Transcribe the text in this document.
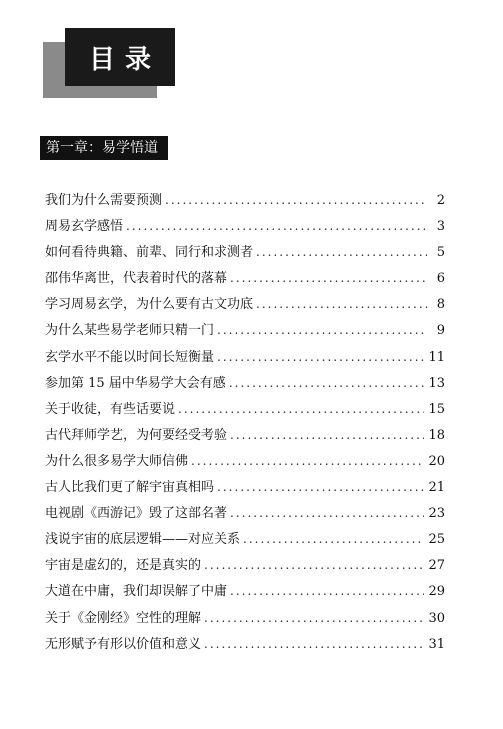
目录
第一章：易学悟道
我们为什么需要预测 .....	2
周易玄学感悟 .....	3
如何看待典籍、前辈、同行和求测者 .....	5
邵伟华离世，代表着时代的落幕 .....	6
学习周易玄学，为什么要有古文功底 .....	8
为什么某些易学老师只精一门 .....	9
玄学水平不能以时间长短衡量 .....	11
参加第 15 届中华易学大会有感 .....	13
关于收徒，有些话要说 .....	15
古代拜师学艺，为何要经受考验 .....	18
为什么很多易学大师信佛 .....	20
古人比我们更了解宇宙真相吗 .....	21
电视剧《西游记》毁了这部名著 .....	23
浅说宇宙的底层逻辑——对应关系 .....	25
宇宙是虚幻的，还是真实的 .....	27
大道在中庸，我们却误解了中庸 .....	29
关于《金刚经》空性的理解 .....	30
无形赋予有形以价值和意义 .....	31
